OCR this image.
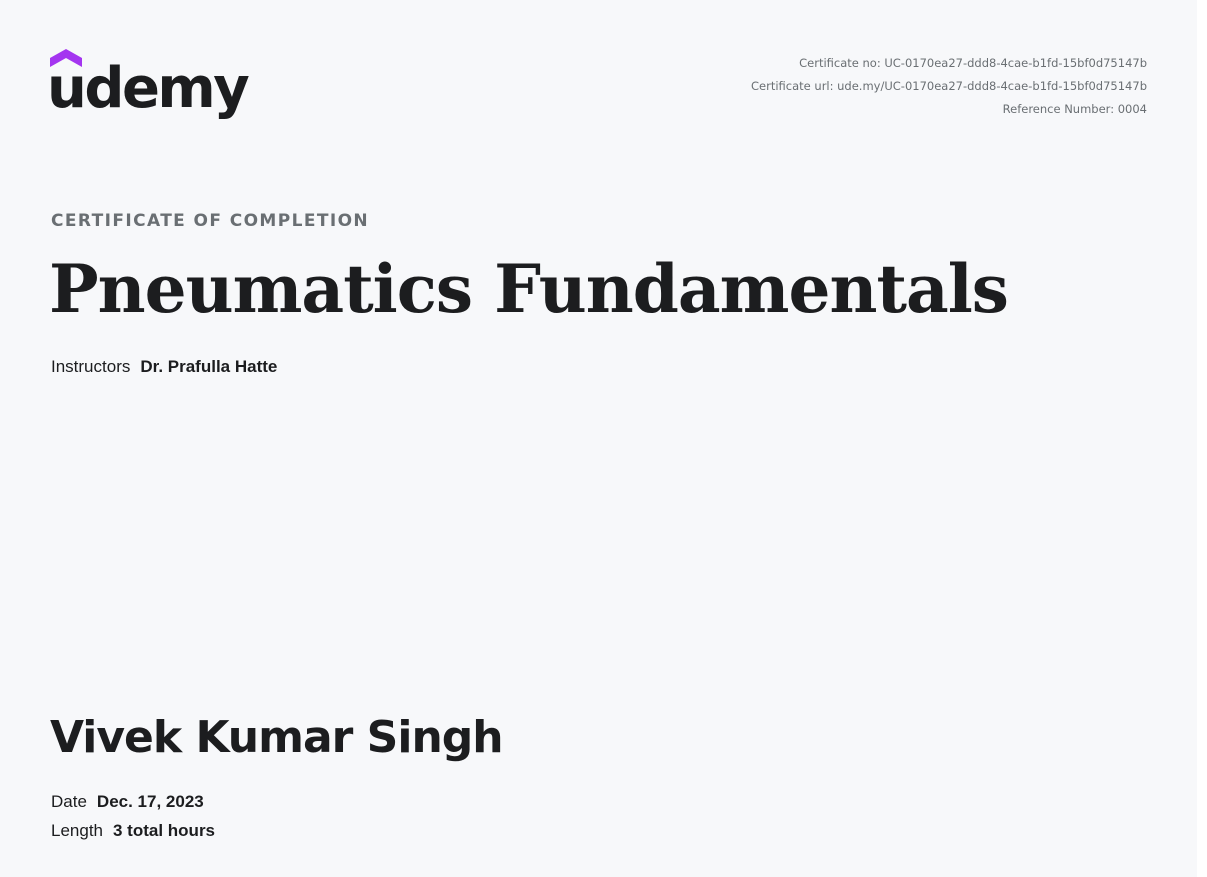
udemy	Certificate no: UC-0170ea27-ddd8-4cae-b1fd-15bf0d75147b
Certificate url: ude.my/UC-0170ea27-ddd8-4cae-b1fd-15bf0d75147b
Reference Number: 0004
CERTIFICATE OF COMPLETION
Pneumatics Fundamentals
Instructors Dr. Prafulla Hatte
Vivek Kumar Singh
Date Dec. 17, 2023
Length 3 total hours
